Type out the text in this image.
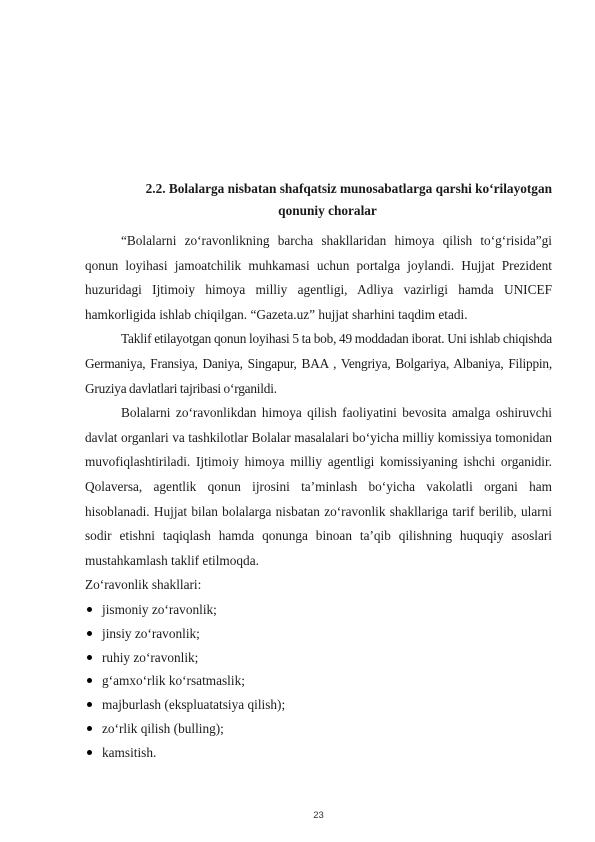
2.2. Bolalarga nisbatan shafqatsiz munosabatlarga qarshi ko‘rilayotgan
qonuniy choralar

“Bolalarni zo‘ravonlikning barcha shakllaridan himoya qilish to‘g‘risida”gi qonun loyihasi jamoatchilik muhkamasi uchun portalga joylandi. Hujjat Prezident huzuridagi Ijtimoiy himoya milliy agentligi, Adliya vazirligi hamda UNICEF hamkorligida ishlab chiqilgan. “Gazeta.uz” hujjat sharhini taqdim etadi.

Taklif etilayotgan qonun loyihasi 5 ta bob, 49 moddadan iborat. Uni ishlab chiqishda Germaniya, Fransiya, Daniya, Singapur, BAA , Vengriya, Bolgariya, Albaniya, Filippin, Gruziya davlatlari tajribasi o‘rganildi.

Bolalarni zo‘ravonlikdan himoya qilish faoliyatini bevosita amalga oshiruvchi davlat organlari va tashkilotlar Bolalar masalalari bo‘yicha milliy komissiya tomonidan muvofiqlashtiriladi. Ijtimoiy himoya milliy agentligi komissiyaning ishchi organidir. Qolaversa, agentlik qonun ijrosini ta’minlash bo‘yicha vakolatli organi ham hisoblanadi. Hujjat bilan bolalarga nisbatan zo‘ravonlik shakllariga tarif berilib, ularni sodir etishni taqiqlash hamda qonunga binoan ta’qib qilishning huquqiy asoslari mustahkamlash taklif etilmoqda.

Zo‘ravonlik shakllari:

jismoniy zo‘ravonlik;
jinsiy zo‘ravonlik;
ruhiy zo‘ravonlik;
g‘amxo‘rlik ko‘rsatmaslik;
majburlash (ekspluatatsiya qilish);
zo‘rlik qilish (bulling);
kamsitish.
23
